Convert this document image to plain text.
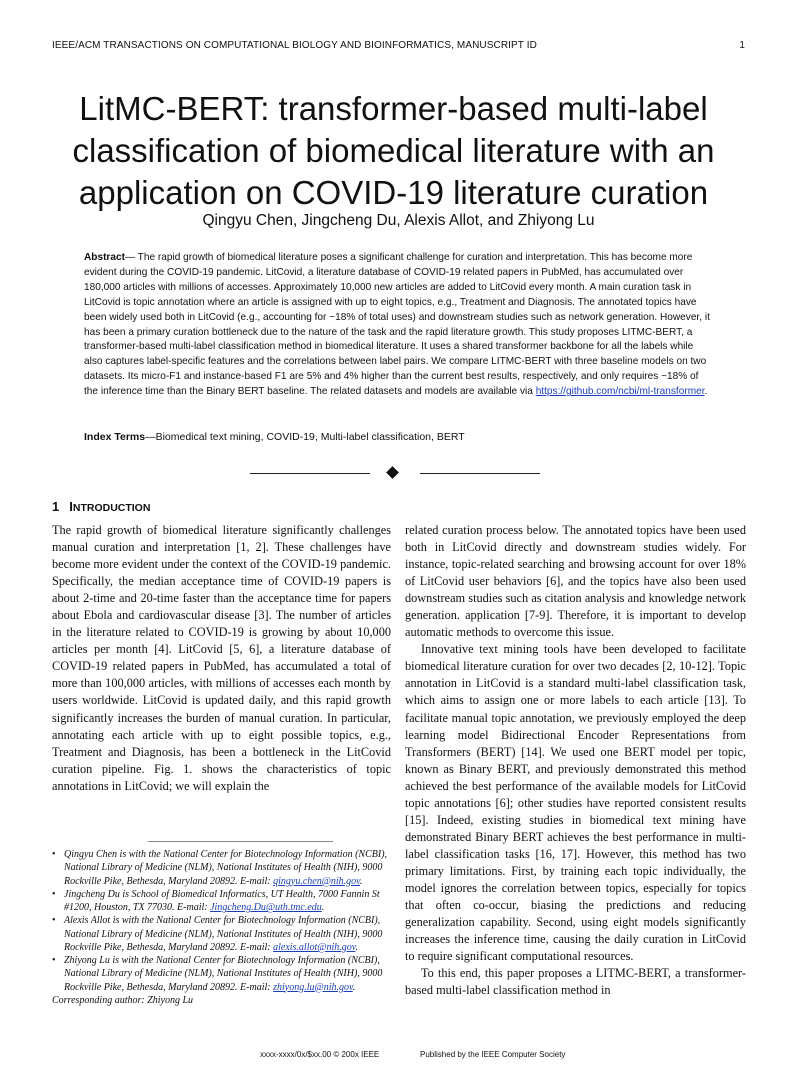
IEEE/ACM TRANSACTIONS ON COMPUTATIONAL BIOLOGY AND BIOINFORMATICS, MANUSCRIPT ID	1
LitMC-BERT: transformer-based multi-label classification of biomedical literature with an application on COVID-19 literature curation
Qingyu Chen, Jingcheng Du, Alexis Allot, and Zhiyong Lu

Abstract— The rapid growth of biomedical literature poses a significant challenge for curation and interpretation. This has become more evident during the COVID-19 pandemic. LitCovid, a literature database of COVID-19 related papers in PubMed, has accumulated over 180,000 articles with millions of accesses. Approximately 10,000 new articles are added to LitCovid every month. A main curation task in LitCovid is topic annotation where an article is assigned with up to eight topics, e.g., Treatment and Diagnosis. The annotated topics have been widely used both in LitCovid (e.g., accounting for ~18% of total uses) and downstream studies such as network generation. However, it has been a primary curation bottleneck due to the nature of the task and the rapid literature growth. This study proposes LITMC-BERT, a transformer-based multi-label classification method in biomedical literature. It uses a shared transformer backbone for all the labels while also captures label-specific features and the correlations between label pairs. We compare LITMC-BERT with three baseline models on two datasets. Its micro-F1 and instance-based F1 are 5% and 4% higher than the current best results, respectively, and only requires ~18% of the inference time than the Binary BERT baseline. The related datasets and models are available via https://github.com/ncbi/ml-transformer.

Index Terms—Biomedical text mining, COVID-19, Multi-label classification, BERT

1 INTRODUCTION

The rapid growth of biomedical literature significantly challenges manual curation and interpretation [1, 2]. These challenges have become more evident under the context of the COVID-19 pandemic. Specifically, the median acceptance time of COVID-19 papers is about 2-time and 20-time faster than the acceptance time for papers about Ebola and cardiovascular disease [3]. The number of articles in the literature related to COVID-19 is growing by about 10,000 articles per month [4]. LitCovid [5, 6], a literature database of COVID-19 related papers in PubMed, has accumulated a total of more than 100,000 articles, with millions of accesses each month by users worldwide. LitCovid is updated daily, and this rapid growth significantly increases the burden of manual curation. In particular, annotating each article with up to eight possible topics, e.g., Treatment and Diagnosis, has been a bottleneck in the LitCovid curation pipeline. Fig. 1. shows the characteristics of topic annotations in LitCovid; we will explain the

related curation process below. The annotated topics have been used both in LitCovid directly and downstream studies widely. For instance, topic-related searching and browsing account for over 18% of LitCovid user behaviors [6], and the topics have also been used downstream studies such as citation analysis and knowledge network generation. application [7-9]. Therefore, it is important to develop automatic methods to overcome this issue.

Innovative text mining tools have been developed to facilitate biomedical literature curation for over two decades [2, 10-12]. Topic annotation in LitCovid is a standard multi-label classification task, which aims to assign one or more labels to each article [13]. To facilitate manual topic annotation, we previously employed the deep learning model Bidirectional Encoder Representations from Transformers (BERT) [14]. We used one BERT model per topic, known as Binary BERT, and previously demonstrated this method achieved the best performance of the available models for LitCovid topic annotations [6]; other studies have reported consistent results [15]. Indeed, existing studies in biomedical text mining have demonstrated Binary BERT achieves the best performance in multi-label classification tasks [16, 17]. However, this method has two primary limitations. First, by training each topic individually, the model ignores the correlation between topics, especially for topics that often co-occur, biasing the predictions and reducing generalization capability. Second, using eight models significantly increases the inference time, causing the daily curation in LitCovid to require significant computational resources.

To this end, this paper proposes a LITMC-BERT, a transformer-based multi-label classification method in

• Qingyu Chen is with the National Center for Biotechnology Information (NCBI), National Library of Medicine (NLM), National Institutes of Health (NIH), 9000 Rockville Pike, Bethesda, Maryland 20892. E-mail: qingyu.chen@nih.gov.
• Jingcheng Du is School of Biomedical Informatics, UT Health, 7000 Fannin St #1200, Houston, TX 77030. E-mail: Jingcheng.Du@uth.tmc.edu.
• Alexis Allot is with the National Center for Biotechnology Information (NCBI), National Library of Medicine (NLM), National Institutes of Health (NIH), 9000 Rockville Pike, Bethesda, Maryland 20892. E-mail: alexis.allot@nih.gov.
• Zhiyong Lu is with the National Center for Biotechnology Information (NCBI), National Library of Medicine (NLM), National Institutes of Health (NIH), 9000 Rockville Pike, Bethesda, Maryland 20892. E-mail: zhiyong.lu@nih.gov.
Corresponding author: Zhiyong Lu
xxxx-xxxx/0x/$xx.00 © 200x IEEE	Published by the IEEE Computer Society
